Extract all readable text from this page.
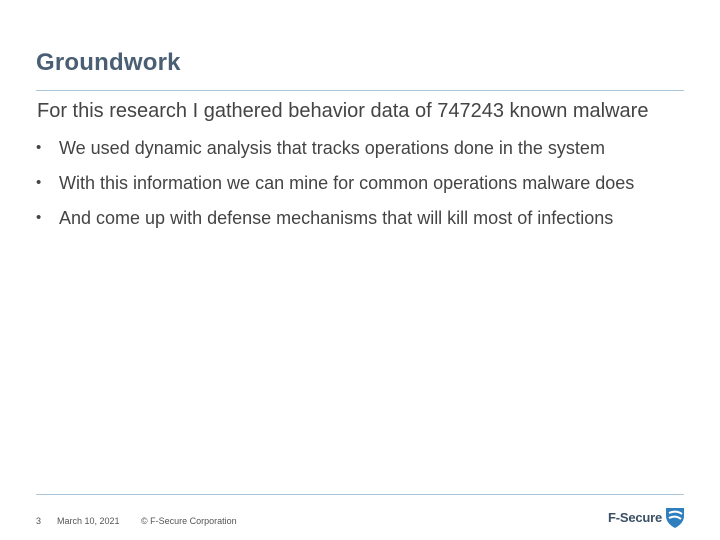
Groundwork
For this research I gathered behavior data of 747243 known malware
• We used dynamic analysis that tracks operations done in the system
• With this information we can mine for common operations malware does
• And come up with defense mechanisms that will kill most of infections
3 March 10, 2021 © F-Secure Corporation	F-Secure
